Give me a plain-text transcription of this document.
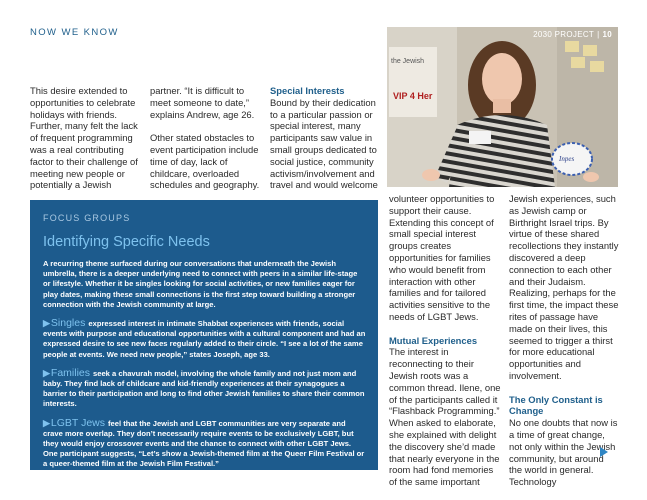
NOW WE KNOW
the Jewish
VIP 4 Her
Inpes
2030 PROJECT | 10

This desire extended to opportunities to celebrate holidays with friends. Further, many felt the lack of frequent programming was a real contributing factor to their challenge of meeting new people or potentially a Jewish

partner. “It is difficult to meet someone to date,” explains Andrew, age 26.

Other stated obstacles to event participation include time of day, lack of childcare, overloaded schedules and geography.

Special Interests

Bound by their dedication to a particular passion or special interest, many participants saw value in small groups dedicated to social justice, community activism/involvement and travel and would welcome

volunteer opportunities to support their cause. Extending this concept of small special interest groups creates opportunities for families who would benefit from interaction with other families and for tailored activities sensitive to the needs of LGBT Jews.

Mutual Experiences

The interest in reconnecting to their Jewish roots was a common thread. Ilene, one of the participants called it “Flashback Programming.” When asked to elaborate, she explained with delight the discovery she’d made that nearly everyone in the room had fond memories of the same important

Jewish experiences, such as Jewish camp or Birthright Israel trips. By virtue of these shared recollections they instantly discovered a deep connection to each other and their Judaism. Realizing, perhaps for the first time, the impact these rites of passage have made on their lives, this seemed to trigger a thirst for more educational opportunities and involvement.

The Only Constant is Change

No one doubts that now is a time of great change, not only within the Jewish community, but around the world in general. Technology

FOCUS GROUPS
Identifying Specific Needs
A recurring theme surfaced during our conversations that underneath the Jewish umbrella, there is a deeper underlying need to connect with peers in a similar life-stage or lifestyle. Whether it be singles looking for social activities, or new families eager for play dates, making these small connections is the first step toward building a stronger connection with the Jewish community at large.
▶Singles expressed interest in intimate Shabbat experiences with friends, social events with purpose and educational opportunities with a cultural component and had an expressed desire to see new faces regularly added to their circle. “I see a lot of the same people at events. We need new people,” states Joseph, age 33.
▶Families seek a chavurah model, involving the whole family and not just mom and baby. They find lack of childcare and kid-friendly experiences at their synagogues a barrier to their participation and long to find other Jewish families to share their common interests.
▶LGBT Jews feel that the Jewish and LGBT communities are very separate and crave more overlap. They don’t necessarily require events to be exclusively LGBT, but they would enjoy crossover events and the chance to connect with other LGBT Jews. One participant suggests, “Let’s show a Jewish-themed film at the Queer Film Festival or a queer-themed film at the Jewish Film Festival.”
